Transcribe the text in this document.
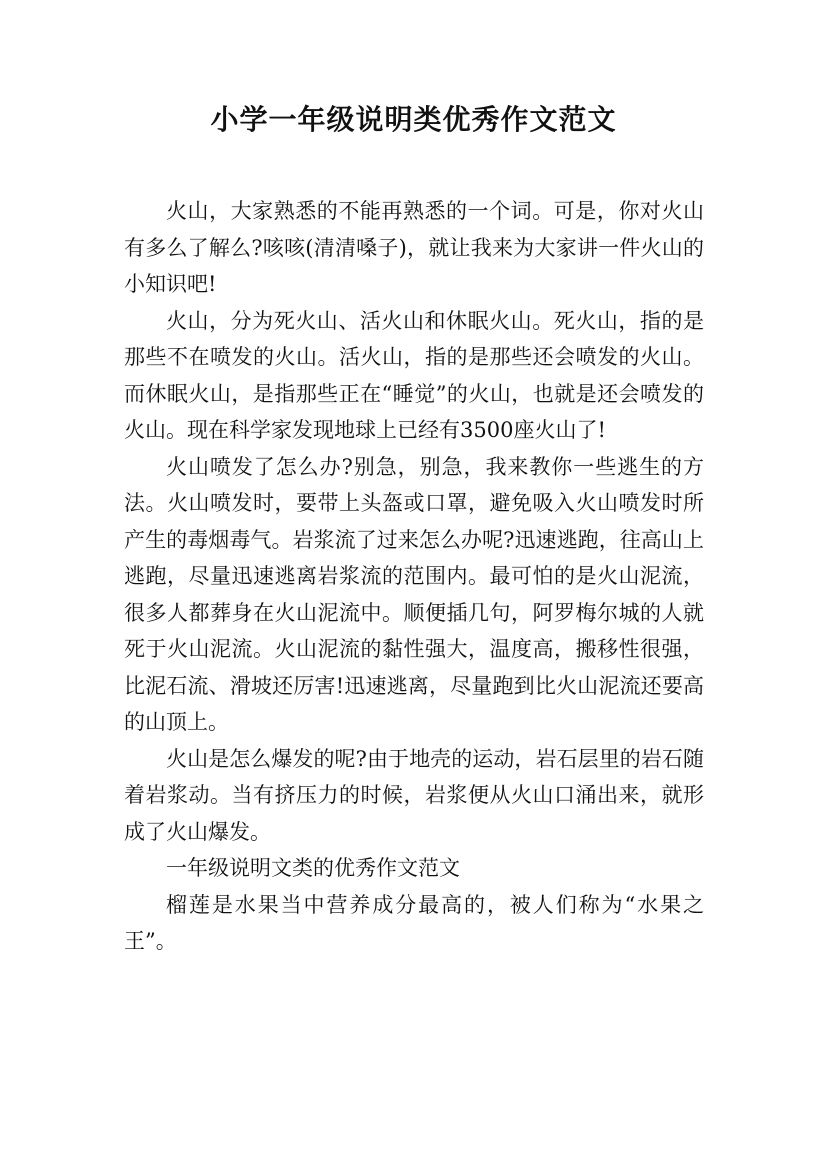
小学一年级说明类优秀作文范文

火山，大家熟悉的不能再熟悉的一个词。可是，你对火山有多么了解么?咳咳(清清嗓子)，就让我来为大家讲一件火山的小知识吧!

火山，分为死火山、活火山和休眠火山。死火山，指的是那些不在喷发的火山。活火山，指的是那些还会喷发的火山。而休眠火山，是指那些正在“睡觉”的火山，也就是还会喷发的火山。现在科学家发现地球上已经有3500座火山了!

火山喷发了怎么办?别急，别急，我来教你一些逃生的方法。火山喷发时，要带上头盔或口罩，避免吸入火山喷发时所产生的毒烟毒气。岩浆流了过来怎么办呢?迅速逃跑，往高山上逃跑，尽量迅速逃离岩浆流的范围内。最可怕的是火山泥流，很多人都葬身在火山泥流中。顺便插几句，阿罗梅尔城的人就死于火山泥流。火山泥流的黏性强大，温度高，搬移性很强，比泥石流、滑坡还厉害!迅速逃离，尽量跑到比火山泥流还要高的山顶上。

火山是怎么爆发的呢?由于地壳的运动，岩石层里的岩石随着岩浆动。当有挤压力的时候，岩浆便从火山口涌出来，就形成了火山爆发。

一年级说明文类的优秀作文范文

榴莲是水果当中营养成分最高的，被人们称为“水果之王”。
